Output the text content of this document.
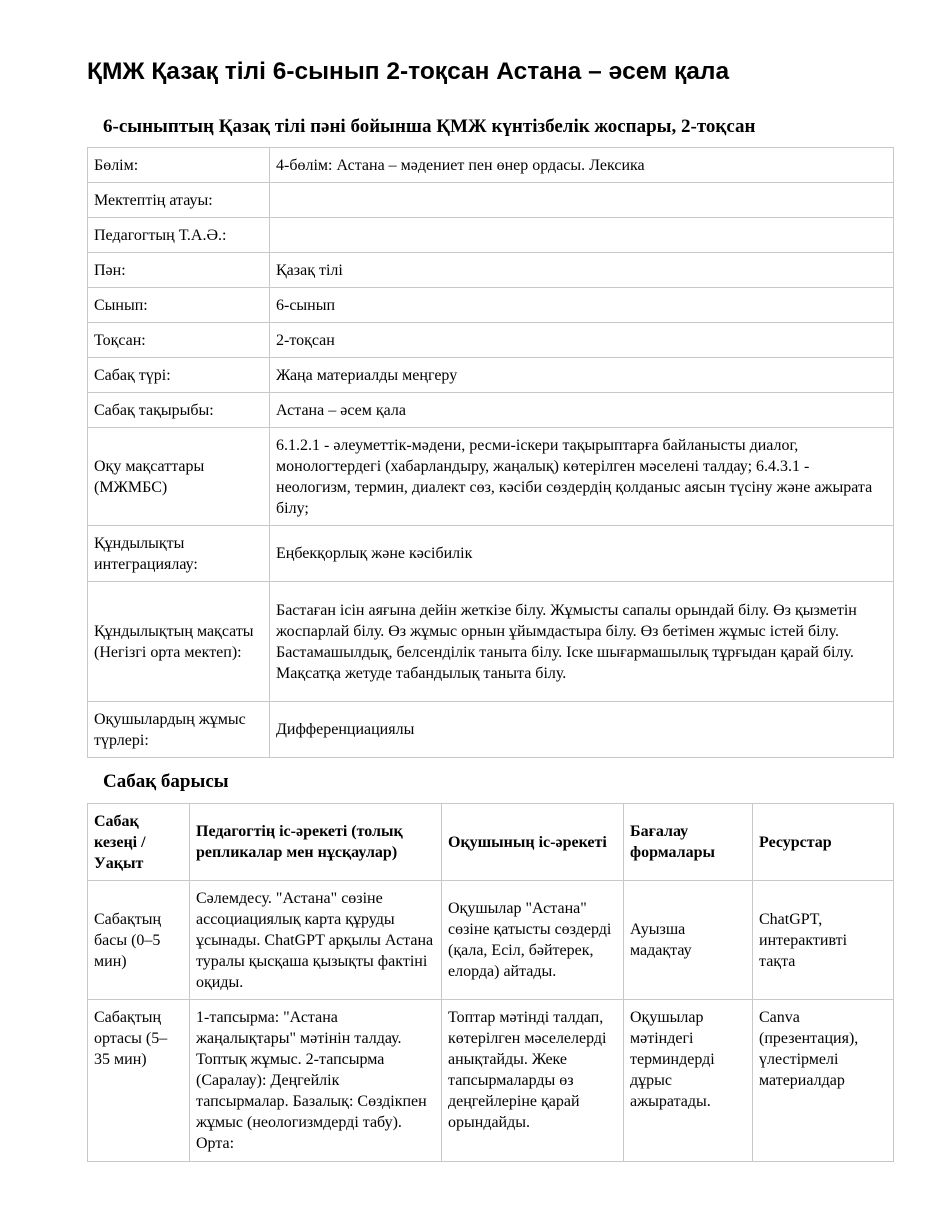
ҚМЖ Қазақ тілі 6-сынып 2-тоқсан Астана – әсем қала
6-сыныптың Қазақ тілі пәні бойынша ҚМЖ күнтізбелік жоспары, 2-тоқсан
Бөлім:	4-бөлім: Астана – мәдениет пен өнер ордасы. Лексика
Мектептің атауы:	
Педагогтың Т.А.Ә.:	
Пән:	Қазақ тілі
Сынып:	6-сынып
Тоқсан:	2-тоқсан
Сабақ түрі:	Жаңа материалды меңгеру
Сабақ тақырыбы:	Астана – әсем қала
Оқу мақсаттары (МЖМБС)	6.1.2.1 - әлеуметтік-мәдени, ресми-іскери тақырыптарға байланысты диалог, монологтердегі (хабарландыру, жаңалық) көтерілген мәселені талдау; 6.4.3.1 - неологизм, термин, диалект сөз, кәсіби сөздердің қолданыс аясын түсіну және ажырата білу;
Құндылықты интеграциялау:	Еңбекқорлық және кәсібилік
Құндылықтың мақсаты (Негізгі орта мектеп):	Бастаған ісін аяғына дейін жеткізе білу. Жұмысты сапалы орындай білу. Өз қызметін жоспарлай білу. Өз жұмыс орнын ұйымдастыра білу. Өз бетімен жұмыс істей білу. Бастамашылдық, белсенділік таныта білу. Іске шығармашылық тұрғыдан қарай білу. Мақсатқа жетуде табандылық таныта білу.
Оқушылардың жұмыс түрлері:	Дифференциациялы
Сабақ барысы
Сабақ кезеңі / Уақыт	Педагогтің іс-әрекеті (толық репликалар мен нұсқаулар)	Оқушының іс-әрекеті	Бағалау формалары	Ресурстар
Сабақтың басы (0–5 мин)	Сәлемдесу. "Астана" сөзіне ассоциациялық карта құруды ұсынады. ChatGPT арқылы Астана туралы қысқаша қызықты фактіні оқиды.	Оқушылар "Астана" сөзіне қатысты сөздерді (қала, Есіл, бәйтерек, елорда) айтады.	Ауызша мадақтау	ChatGPT, интерактивті тақта
Сабақтың ортасы (5–35 мин)	1-тапсырма: "Астана жаңалықтары" мәтінін талдау. Топтық жұмыс. 2-тапсырма (Саралау): Деңгейлік тапсырмалар. Базалық: Сөздікпен жұмыс (неологизмдерді табу). Орта:	Топтар мәтінді талдап, көтерілген мәселелерді анықтайды. Жеке тапсырмаларды өз деңгейлеріне қарай орындайды.	Оқушылар мәтіндегі терминдерді дұрыс ажыратады.	Canva (презентация), үлестірмелі материалдар
